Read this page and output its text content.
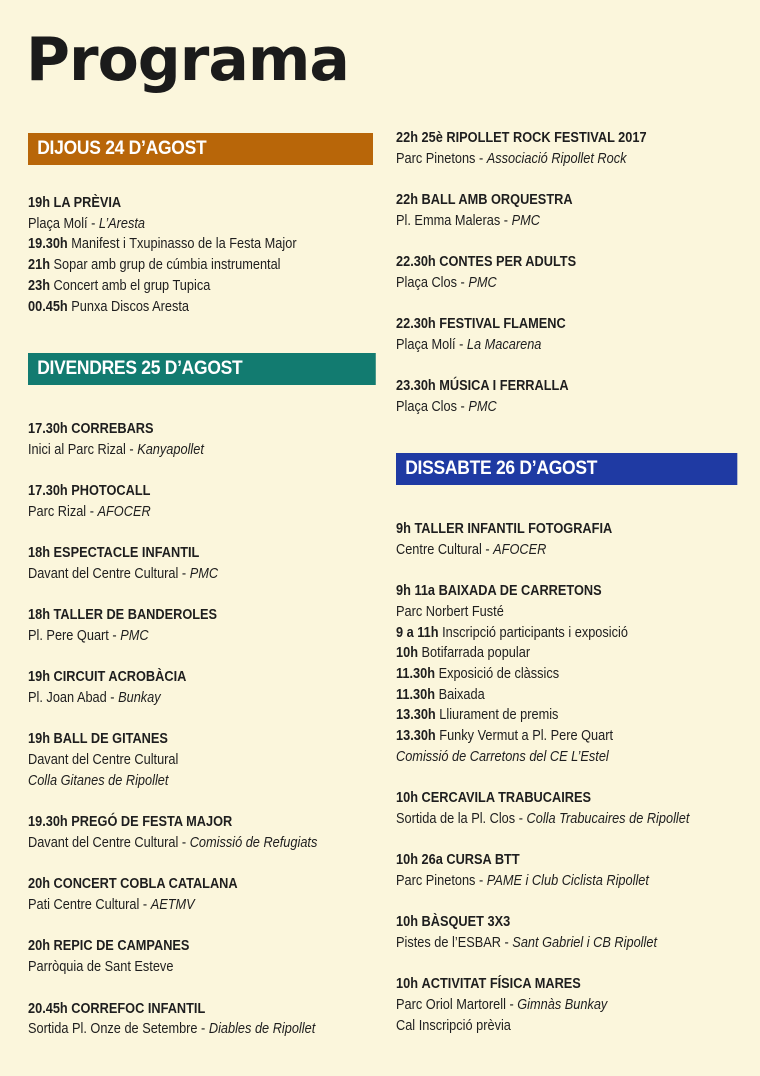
Programa
DIJOUS 24 D’AGOST
19h LA PRÈVIA
Plaça Molí - L’Aresta
19.30h Manifest i Txupinasso de la Festa Major
21h Sopar amb grup de cúmbia instrumental
23h Concert amb el grup Tupica
00.45h Punxa Discos Aresta
DIVENDRES 25 D’AGOST
17.30h CORREBARS
Inici al Parc Rizal - Kanyapollet
17.30h PHOTOCALL
Parc Rizal - AFOCER
18h ESPECTACLE INFANTIL
Davant del Centre Cultural - PMC
18h TALLER DE BANDEROLES
Pl. Pere Quart - PMC
19h CIRCUIT ACROBÀCIA
Pl. Joan Abad - Bunkay
19h BALL DE GITANES
Davant del Centre Cultural
Colla Gitanes de Ripollet
19.30h PREGÓ DE FESTA MAJOR
Davant del Centre Cultural - Comissió de Refugiats
20h CONCERT COBLA CATALANA
Pati Centre Cultural - AETMV
20h REPIC DE CAMPANES
Parròquia de Sant Esteve
20.45h CORREFOC INFANTIL
Sortida Pl. Onze de Setembre - Diables de Ripollet
22h 25è RIPOLLET ROCK FESTIVAL 2017
Parc Pinetons - Associació Ripollet Rock
22h BALL AMB ORQUESTRA
Pl. Emma Maleras - PMC
22.30h CONTES PER ADULTS
Plaça Clos - PMC
22.30h FESTIVAL FLAMENC
Plaça Molí - La Macarena
23.30h MÚSICA I FERRALLA
Plaça Clos - PMC
DISSABTE 26 D’AGOST
9h TALLER INFANTIL FOTOGRAFIA
Centre Cultural - AFOCER
9h 11a BAIXADA DE CARRETONS
Parc Norbert Fusté
9 a 11h Inscripció participants i exposició
10h Botifarrada popular
11.30h Exposició de clàssics
11.30h Baixada
13.30h Lliurament de premis
13.30h Funky Vermut a Pl. Pere Quart
Comissió de Carretons del CE L’Estel
10h CERCAVILA TRABUCAIRES
Sortida de la Pl. Clos - Colla Trabucaires de Ripollet
10h 26a CURSA BTT
Parc Pinetons - PAME i Club Ciclista Ripollet
10h BÀSQUET 3X3
Pistes de l’ESBAR - Sant Gabriel i CB Ripollet
10h ACTIVITAT FÍSICA MARES
Parc Oriol Martorell - Gimnàs Bunkay
Cal Inscripció prèvia
